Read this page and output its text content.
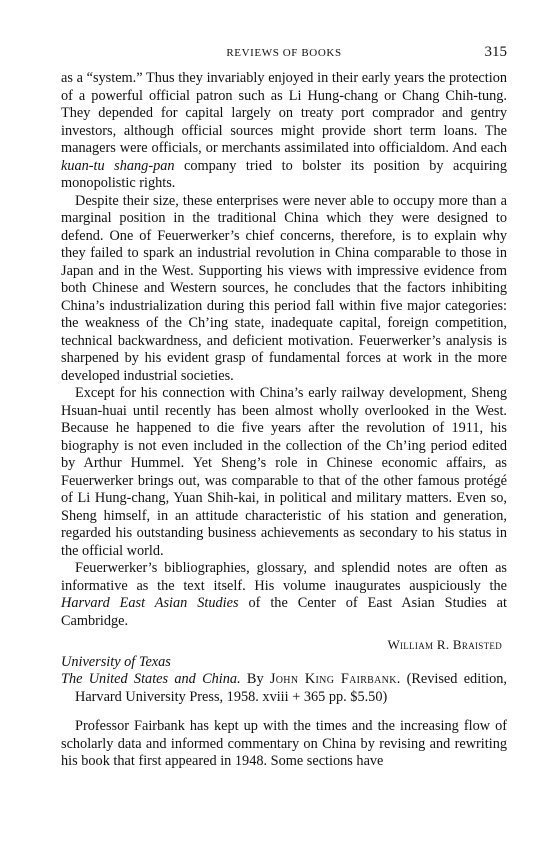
REVIEWS OF BOOKS	315

as a “system.” Thus they invariably enjoyed in their early years the protection of a powerful official patron such as Li Hung-chang or Chang Chih-tung. They depended for capital largely on treaty port comprador and gentry investors, although official sources might provide short term loans. The managers were officials, or merchants assimilated into officialdom. And each kuan-tu shang-pan company tried to bolster its position by acquiring monopolistic rights.

Despite their size, these enterprises were never able to occupy more than a marginal position in the traditional China which they were designed to defend. One of Feuerwerker’s chief concerns, therefore, is to explain why they failed to spark an industrial revolution in China comparable to those in Japan and in the West. Supporting his views with impressive evidence from both Chinese and Western sources, he concludes that the factors inhibiting China’s industrialization during this period fall within five major categories: the weakness of the Ch’ing state, inadequate capital, foreign competition, technical backwardness, and deficient motivation. Feuerwerker’s analysis is sharpened by his evident grasp of fundamental forces at work in the more developed industrial societies.

Except for his connection with China’s early railway development, Sheng Hsuan-huai until recently has been almost wholly overlooked in the West. Because he happened to die five years after the revolution of 1911, his biography is not even included in the collection of the Ch’ing period edited by Arthur Hummel. Yet Sheng’s role in Chinese economic affairs, as Feuerwerker brings out, was comparable to that of the other famous protégé of Li Hung-chang, Yuan Shih-kai, in political and military matters. Even so, Sheng himself, in an attitude characteristic of his station and generation, regarded his outstanding business achievements as secondary to his status in the official world.

Feuerwerker’s bibliographies, glossary, and splendid notes are often as informative as the text itself. His volume inaugurates auspiciously the Harvard East Asian Studies of the Center of East Asian Studies at Cambridge.

William R. Braisted
University of Texas

The United States and China. By John King Fairbank. (Revised edition, Harvard University Press, 1958. xviii + 365 pp. $5.50)

Professor Fairbank has kept up with the times and the increasing flow of scholarly data and informed commentary on China by revising and rewriting his book that first appeared in 1948. Some sections have
